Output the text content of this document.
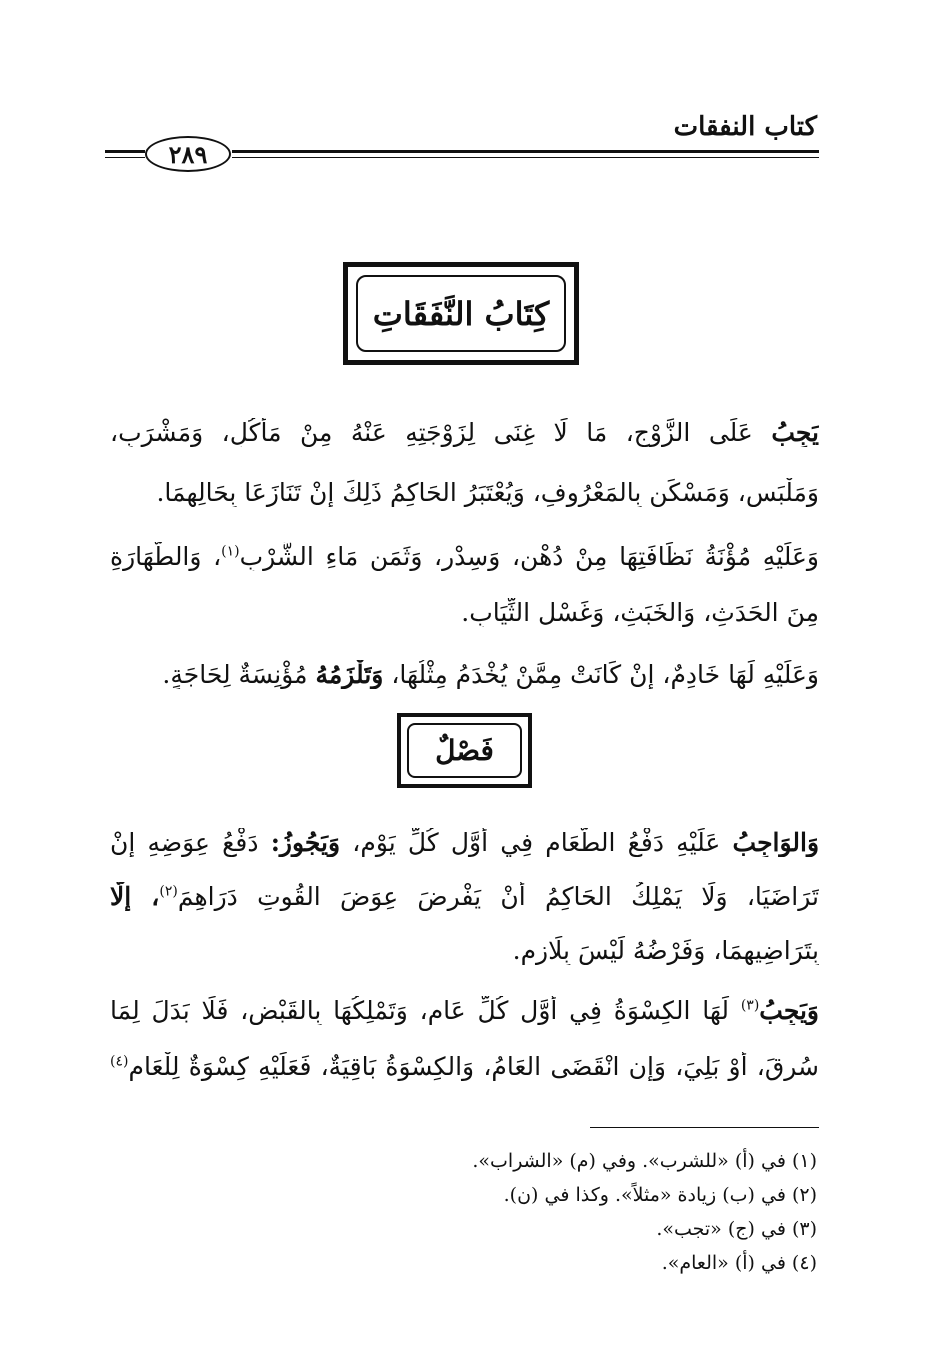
كتاب النفقات
٢٨٩
كِتَابُ النَّفَقَاتِ
يَجِبُ عَلَى الزَّوْجِ، مَا لَا غِنَى لِزَوْجَتِهِ عَنْهُ مِنْ مَأْكُلٍ، وَمَشْرَبٍ،
وَمَلْبَسٍ، وَمَسْكَنٍ بِالمَعْرُوفِ، وَيُعْتَبَرُ الحَاكِمُ ذَلِكَ إِنْ تَنَازَعَا بِحَالِهِمَا.
وَعَلَيْهِ مُؤْنَةُ نَظَافَتِهَا مِنْ دُهْنٍ، وَسِدْرٍ، وَثَمَنِ مَاءِ الشُّرْبِ$^{(١)}$، وَالطَّهَارَةِ
مِنَ الحَدَثِ، وَالخَبَثِ، وَغَسْلِ الثِّيَابِ.
وَعَلَيْهِ لَهَا خَادِمٌ، إِنْ كَانَتْ مِمَّنْ يُخْدَمُ مِثْلُهَا، وَتَلْزَمُهُ مُؤْنِسَةٌ لِحَاجَةٍ.
فَصْلٌ
وَالوَاجِبُ عَلَيْهِ دَفْعُ الطَّعَامِ فِي أَوَّلِ كُلِّ يَوْمٍ، وَيَجُوزُ: دَفْعُ عِوَضِهِ إِنْ
تَرَاضَيَا، وَلَا يَمْلِكُ الحَاكِمُ أَنْ يَفْرِضَ عِوَضَ القُوتِ دَرَاهِمَ$^{(٢)}$، إِلَّا
بِتَرَاضِيهِمَا، وَفَرْضُهُ لَيْسَ بِلَازِمٍ.
وَيَجِبُ$^{(٣)}$ لَهَا الكِسْوَةُ فِي أَوَّلِ كُلِّ عَامٍ، وَتَمْلِكُهَا بِالقَبْضِ، فَلَا بَدَلَ لِمَا
سُرِقَ، أَوْ بَلِيَ، وَإِنِ انْقَضَى العَامُ، وَالكِسْوَةُ بَاقِيَةٌ، فَعَلَيْهِ كِسْوَةٌ لِلْعَامِ$^{(٤)}$
(١) في (أ) «للشرب». وفي (م) «الشراب».
(٢) في (ب) زيادة «مثلاً». وكذا في (ن).
(٣) في (ج) «تجب».
(٤) في (أ) «العام».
